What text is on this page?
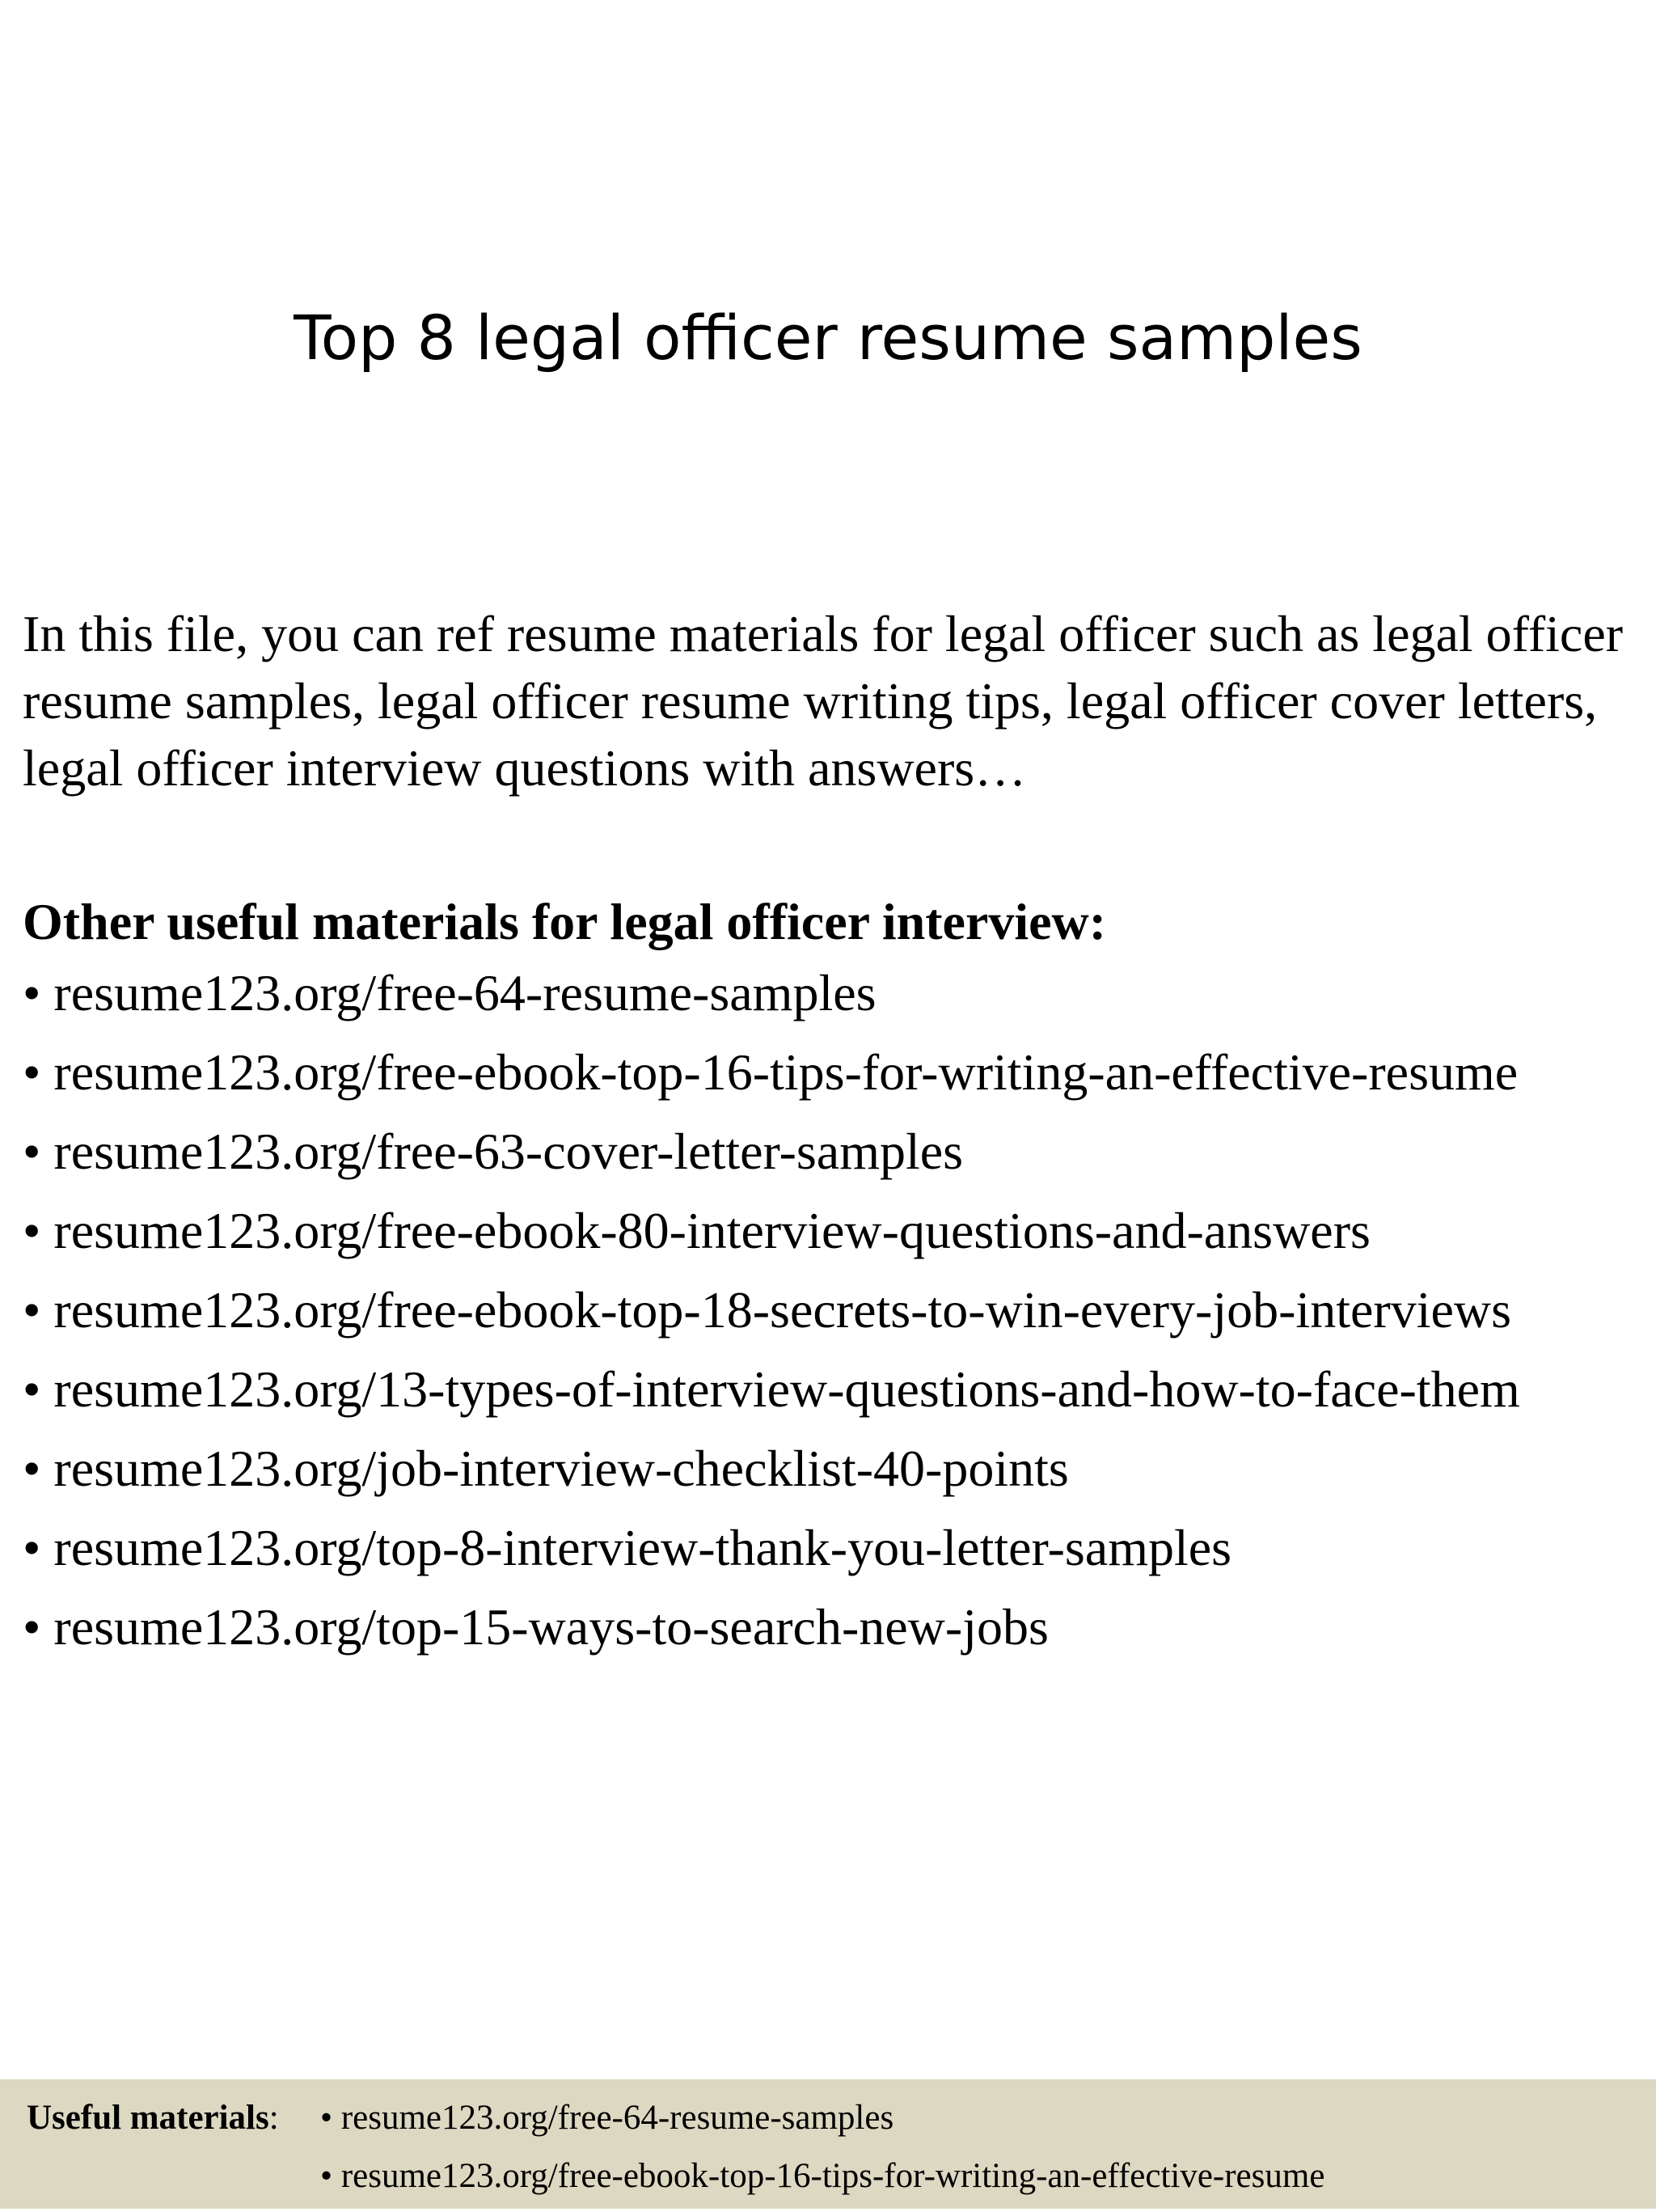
Top 8 legal officer resume samples

In this file, you can ref resume materials for legal officer such as legal officer resume samples, legal officer resume writing tips, legal officer cover letters, legal officer interview questions with answers…

Other useful materials for legal officer interview:
• resume123.org/free-64-resume-samples
• resume123.org/free-ebook-top-16-tips-for-writing-an-effective-resume
• resume123.org/free-63-cover-letter-samples
• resume123.org/free-ebook-80-interview-questions-and-answers
• resume123.org/free-ebook-top-18-secrets-to-win-every-job-interviews
• resume123.org/13-types-of-interview-questions-and-how-to-face-them
• resume123.org/job-interview-checklist-40-points
• resume123.org/top-8-interview-thank-you-letter-samples
• resume123.org/top-15-ways-to-search-new-jobs
Useful materials: • resume123.org/free-64-resume-samples
• resume123.org/free-ebook-top-16-tips-for-writing-an-effective-resume
